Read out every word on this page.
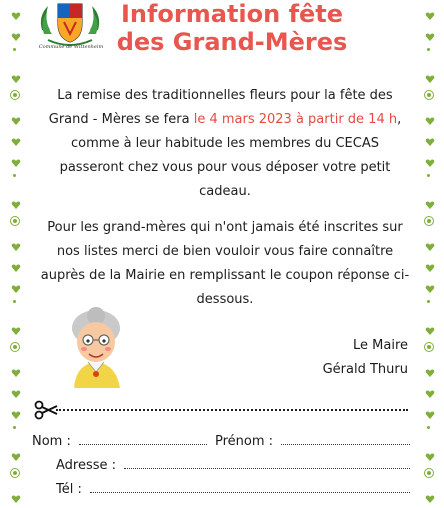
Commune de Wittenheim
Information fête
des Grand-Mères
La remise des traditionnelles fleurs pour la fête des Grand - Mères se fera le 4 mars 2023 à partir de 14 h, comme à leur habitude les membres du CECAS passeront chez vous pour vous déposer votre petit cadeau.
Pour les grand-mères qui n'ont jamais été inscrites sur nos listes merci de bien vouloir vous faire connaître auprès de la Mairie en remplissant le coupon réponse ci-dessous.
Le Maire
Gérald Thuru
Nom :	Prénom :
Adresse :
Tél :
